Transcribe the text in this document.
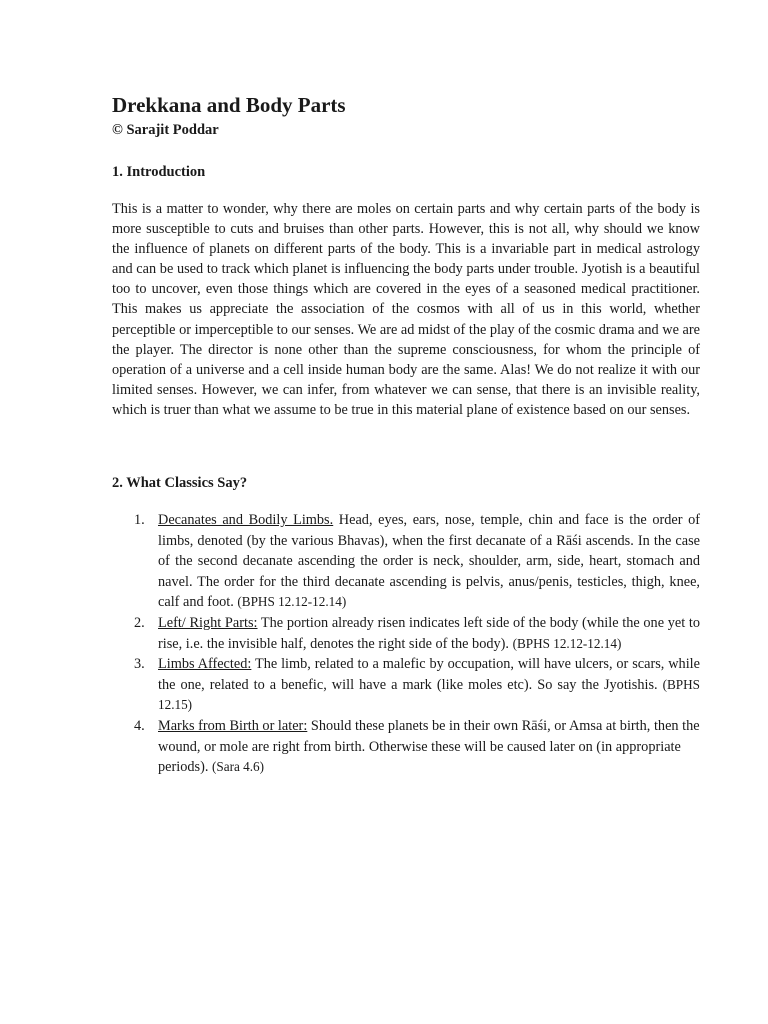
Drekkana and Body Parts

© Sarajit Poddar

1. Introduction

This is a matter to wonder, why there are moles on certain parts and why certain parts of the body is more susceptible to cuts and bruises than other parts. However, this is not all, why should we know the influence of planets on different parts of the body. This is a invariable part in medical astrology and can be used to track which planet is influencing the body parts under trouble. Jyotish is a beautiful too to uncover, even those things which are covered in the eyes of a seasoned medical practitioner. This makes us appreciate the association of the cosmos with all of us in this world, whether perceptible or imperceptible to our senses. We are ad midst of the play of the cosmic drama and we are the player. The director is none other than the supreme consciousness, for whom the principle of operation of a universe and a cell inside human body are the same. Alas! We do not realize it with our limited senses. However, we can infer, from whatever we can sense, that there is an invisible reality, which is truer than what we assume to be true in this material plane of existence based on our senses.

2. What Classics Say?
1. Decanates and Bodily Limbs. Head, eyes, ears, nose, temple, chin and face is the order of limbs, denoted (by the various Bhavas), when the first decanate of a Rāśi ascends. In the case of the second decanate ascending the order is neck, shoulder, arm, side, heart, stomach and navel. The order for the third decanate ascending is pelvis, anus/penis, testicles, thigh, knee, calf and foot. (BPHS 12.12-12.14)
2. Left/ Right Parts: The portion already risen indicates left side of the body (while the one yet to rise, i.e. the invisible half, denotes the right side of the body). (BPHS 12.12-12.14)
3. Limbs Affected: The limb, related to a malefic by occupation, will have ulcers, or scars, while the one, related to a benefic, will have a mark (like moles etc). So say the Jyotishis. (BPHS 12.15)
4. Marks from Birth or later: Should these planets be in their own Rāśi, or Amsa at birth, then the wound, or mole are right from birth. Otherwise these will be caused later on (in appropriate periods). (Sara 4.6)
